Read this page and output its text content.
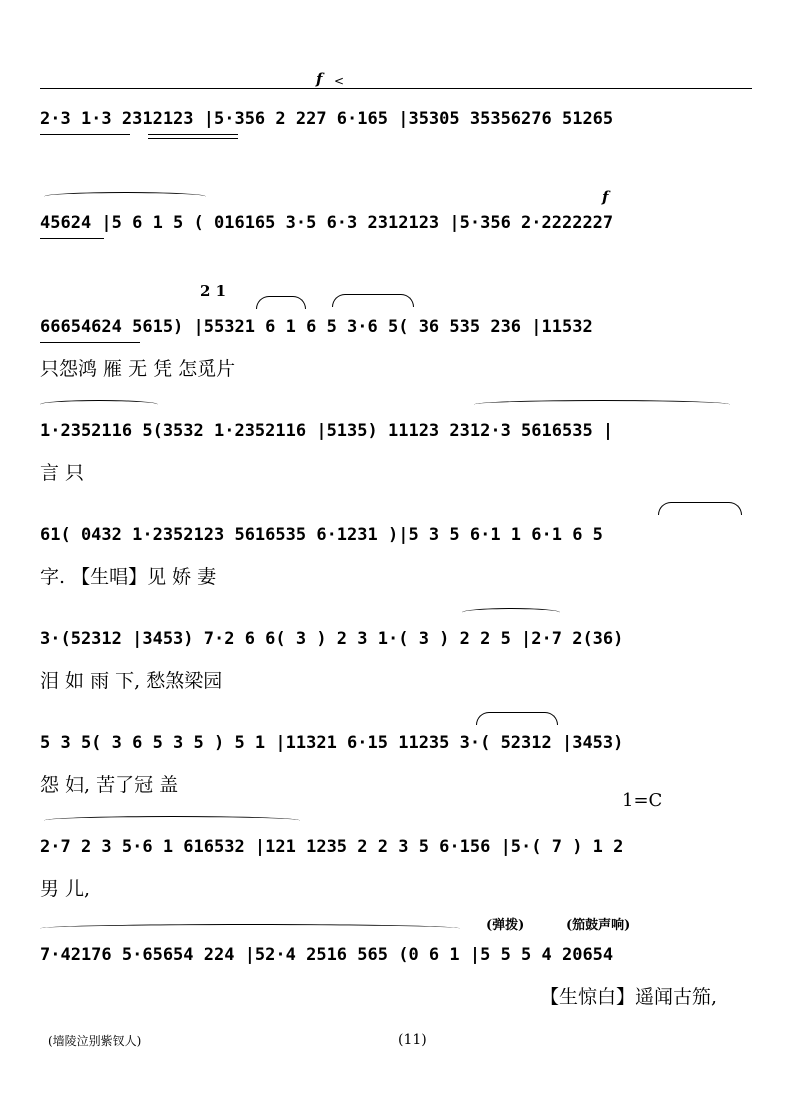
f <
f
2 1
1=C
(弹拨)	(笳鼓声响)
2·3 1·3 2312123 |5·356 2 227 6·165 |35305 35356276 51265
45624 |5 6 1 5 ( 016165 3·5 6·3 2312123 |5·356 2·2222227
66654624 5615) |55321 6 1 6 5 3·6 5( 36 535 236 |11532
只怨鸿 雁 无 凭 怎觅片
1·2352116 5(3532 1·2352116 |5135) 11123 2312·3 5616535 |
言 只
61( 0432 1·2352123 5616535 6·1231 )|5 3 5 6·1 1 6·1 6 5
字. 【生唱】见 娇 妻
3·(52312 |3453) 7·2 6 6( 3 ) 2 3 1·( 3 ) 2 2 5 |2·7 2(36)
泪 如 雨 下, 愁煞梁园
5 3 5( 3 6 5 3 5 ) 5 1 |11321 6·15 11235 3·( 52312 |3453)
怨 妇, 苦了冠 盖
2·7 2 3 5·6 1 616532 |121 1235 2 2 3 5 6·156 |5·( 7 ) 1 2
男 儿,
7·42176 5·65654 224 |52·4 2516 565 (0 6 1 |5 5 5 4 20654
【生惊白】遥闻古笳,
(墙陵泣别紫钗人)	(11)
